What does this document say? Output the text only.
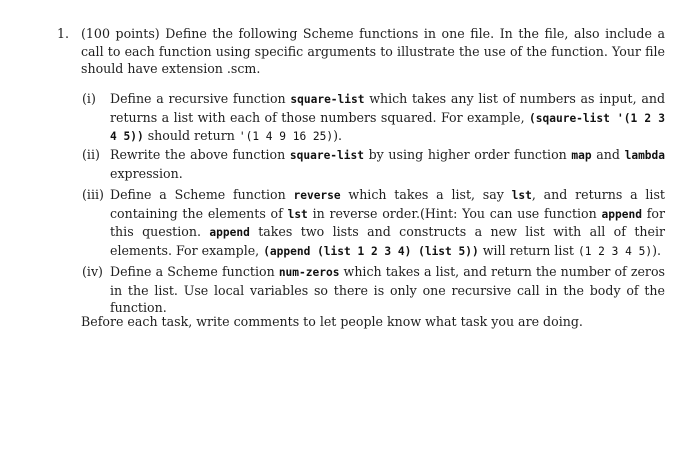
1. (100 points) Define the following Scheme functions in one file. In the file, also include a call to each function using specific arguments to illustrate the use of the function. Your file should have extension .scm.
(i)	Define a recursive function square-list which takes any list of numbers as input, and returns a list with each of those numbers squared. For example, (sqaure-list '(1 2 3 4 5)) should return '(1 4 9 16 25)).
(ii) Rewrite the above function square-list by using higher order function map and lambda expression.
(iii) Define a Scheme function reverse which takes a list, say lst, and returns a list containing the elements of lst in reverse order.(Hint: You can use function append for this question. append takes two lists and constructs a new list with all of their elements. For example, (append (list 1 2 3 4) (list 5)) will return list (1 2 3 4 5)).
(iv) Define a Scheme function num-zeros which takes a list, and return the number of zeros in the list. Use local variables so there is only one recursive call in the body of the function.
Before each task, write comments to let people know what task you are doing.
